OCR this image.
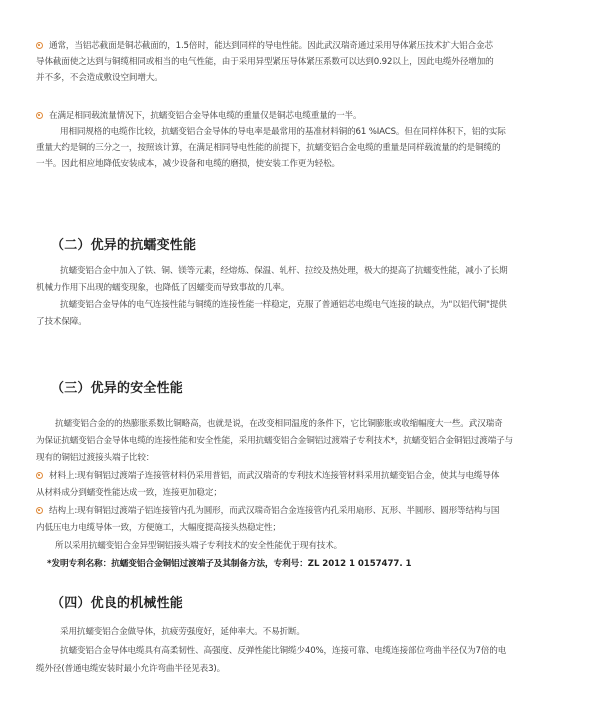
通常，当铝芯截面是铜芯截面的，1.5倍时，能达到同样的导电性能。因此武汉瑞奇通过采用导体紧压技术扩大铝合金芯
导体截面使之达到与铜缆相同或相当的电气性能，由于采用异型紧压导体紧压系数可以达到0.92以上，因此电缆外径增加的
并不多，不会造成敷设空间增大。
在满足相同载流量情况下，抗蠕变铝合金导体电缆的重量仅是铜芯电缆重量的一半。
用相同规格的电缆作比较，抗蠕变铝合金导体的导电率是最常用的基准材料铜的61 %IACS。但在同样体积下，铝的实际
重量大约是铜的三分之一，按照该计算，在满足相同导电性能的前提下，抗蠕变铝合金电缆的重量是同样载流量的约是铜缆的
一半。因此相应地降低安装成本，减少设备和电缆的磨损，使安装工作更为轻松。
（二）优异的抗蠕变性能
抗蠕变铝合金中加入了铁、铜、镁等元素，经熔炼、保温、轧杆、拉绞及热处理，极大的提高了抗蠕变性能，减小了长期
机械力作用下出现的蠕变现象，也降低了因蠕变而导致事故的几率。
抗蠕变铝合金导体的电气连接性能与铜缆的连接性能一样稳定，克服了普通铝芯电缆电气连接的缺点，为"以铝代铜"提供
了技术保障。
（三）优异的安全性能
抗蠕变铝合金的的热膨胀系数比铜略高，也就是说，在改变相同温度的条件下，它比铜膨胀或收缩幅度大一些。武汉瑞奇
为保证抗蠕变铝合金导体电缆的连接性能和安全性能，采用抗蠕变铝合金铜铝过渡端子专利技术*，抗蠕变铝合金铜铝过渡端子与
现有的铜铝过渡接头端子比较：
材料上:现有铜铝过渡端子连接管材料仍采用普铝，而武汉瑞奇的专利技术连接管材料采用抗蠕变铝合金，使其与电缆导体
从材料成分到蠕变性能达成一致，连接更加稳定；
结构上:现有铜铝过渡端子铝连接管内孔为圆形，而武汉瑞奇铝合金连接管内孔采用扇形、瓦形、半圆形、圆形等结构与国
内低压电力电缆导体一致，方便施工，大幅度提高接头热稳定性；
所以采用抗蠕变铝合金异型铜铝接头端子专利技术的安全性能优于现有技术。
*发明专利名称：抗蠕变铝合金铜铝过渡端子及其制备方法，专利号：ZL 2012 1 0157477. 1
（四）优良的机械性能
采用抗蠕变铝合金做导体，抗疲劳强度好，延伸率大。不易折断。
抗蠕变铝合金导体电缆具有高柔韧性、高强度、反弹性能比铜缆少40%，连接可靠、电缆连接部位弯曲半径仅为7倍的电
缆外径(普通电缆安装时最小允许弯曲半径见表3)。
